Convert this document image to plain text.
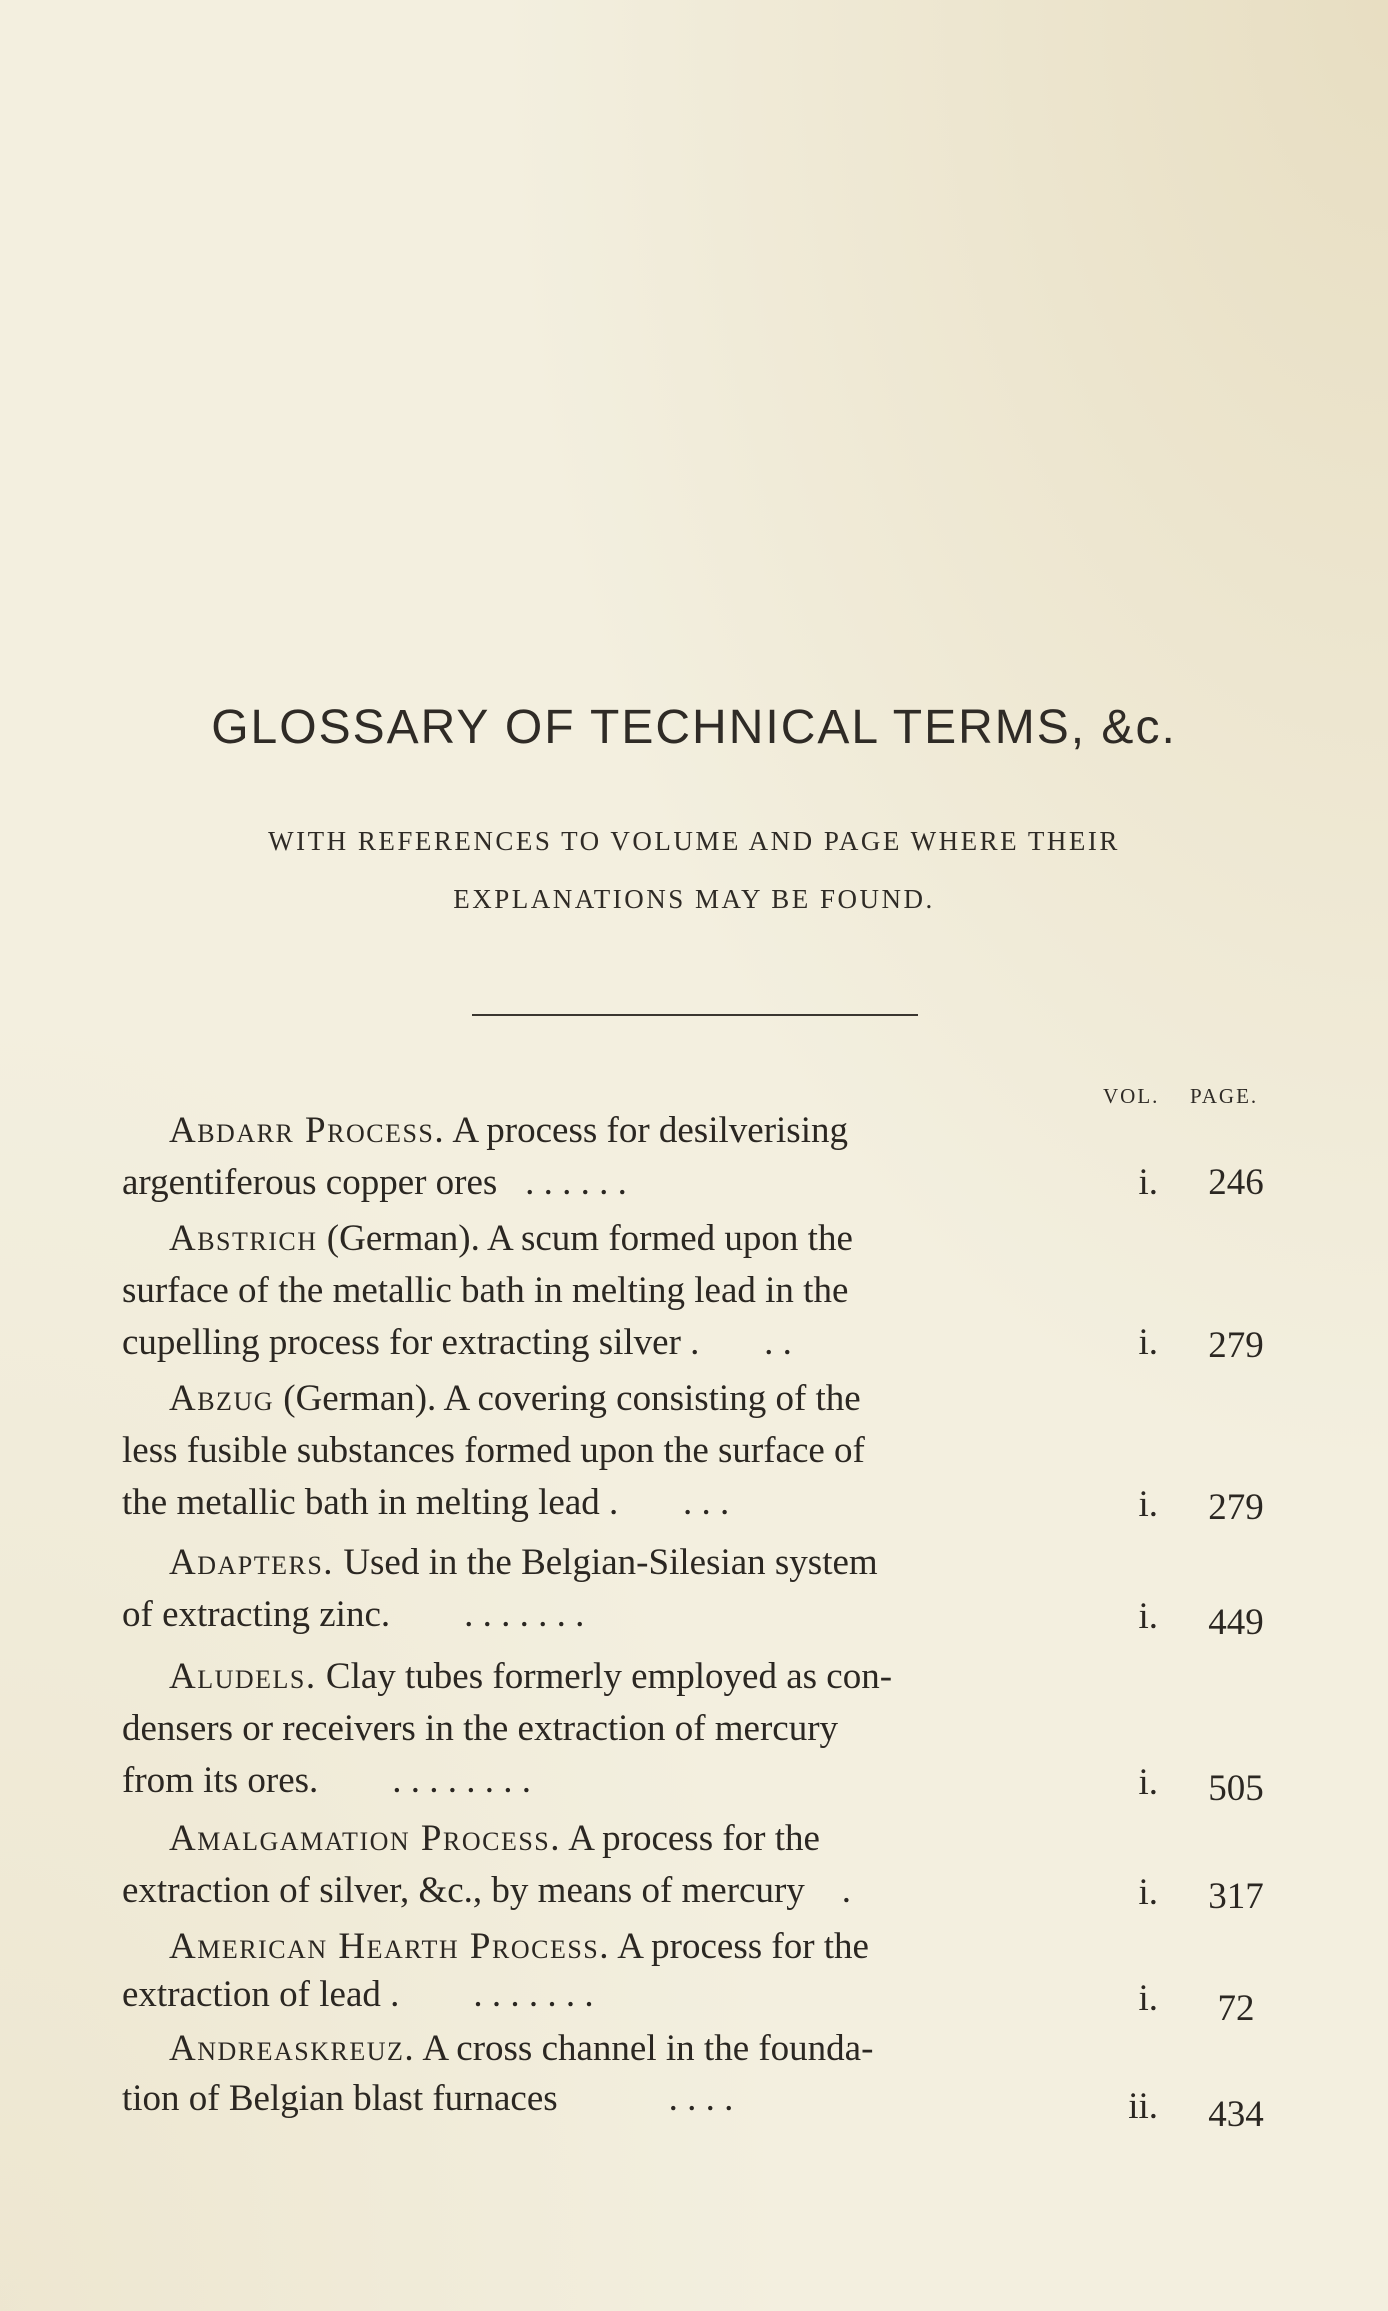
GLOSSARY OF TECHNICAL TERMS, &c.
WITH REFERENCES TO VOLUME AND PAGE WHERE THEIR
EXPLANATIONS MAY BE FOUND.
VOL. PAGE.
Abdarr Process. A process for desilverising
argentiferous copper ores . . . . . .	i.	246
Abstrich (German). A scum formed upon the
surface of the metallic bath in melting lead in the
cupelling process for extracting silver . . .	i.	279
Abzug (German). A covering consisting of the
less fusible substances formed upon the surface of
the metallic bath in melting lead . . . .	i.	279
Adapters. Used in the Belgian-Silesian system
of extracting zinc. . . . . . . .	i.	449
Aludels. Clay tubes formerly employed as con-
densers or receivers in the extraction of mercury
from its ores. . . . . . . . .	i.	505
Amalgamation Process. A process for the
extraction of silver, &c., by means of mercury .	i.	317
American Hearth Process. A process for the
extraction of lead . . . . . . . .	i.	72
Andreaskreuz. A cross channel in the founda-
tion of Belgian blast furnaces	. . . .	ii.	434
